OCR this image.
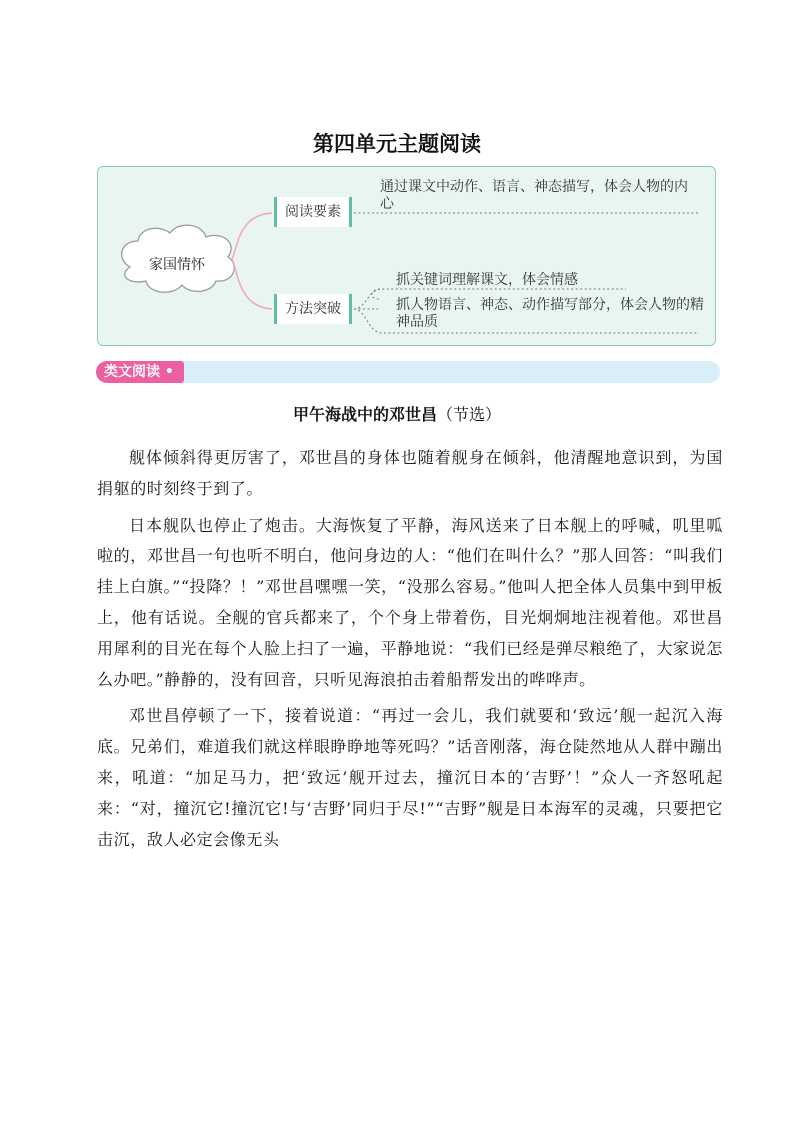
第四单元主题阅读
阅读要素
方法突破
通过课文中动作、语言、神态描写，体会人物的内心
抓关键词理解课文，体会情感
抓人物语言、神态、动作描写部分，体会人物的精神品质
家国情怀
类文阅读 •
甲午海战中的邓世昌（节选）

舰体倾斜得更厉害了，邓世昌的身体也随着舰身在倾斜，他清醒地意识到，为国捐躯的时刻终于到了。

日本舰队也停止了炮击。大海恢复了平静，海风送来了日本舰上的呼喊，叽里呱啦的，邓世昌一句也听不明白，他问身边的人：“他们在叫什么？”那人回答：“叫我们挂上白旗。”“投降？！”邓世昌嘿嘿一笑，“没那么容易。”他叫人把全体人员集中到甲板上，他有话说。全舰的官兵都来了，个个身上带着伤，目光炯炯地注视着他。邓世昌用犀利的目光在每个人脸上扫了一遍，平静地说：“我们已经是弹尽粮绝了，大家说怎么办吧。”静静的，没有回音，只听见海浪拍击着船帮发出的哗哗声。

邓世昌停顿了一下，接着说道：“再过一会儿，我们就要和‘致远’舰一起沉入海底。兄弟们，难道我们就这样眼睁睁地等死吗？”话音刚落，海仓陡然地从人群中蹦出来，吼道：“加足马力，把‘致远’舰开过去，撞沉日本的‘吉野’！”众人一齐怒吼起来：“对，撞沉它!撞沉它!与‘吉野’同归于尽!”“吉野”舰是日本海军的灵魂，只要把它击沉，敌人必定会像无头
